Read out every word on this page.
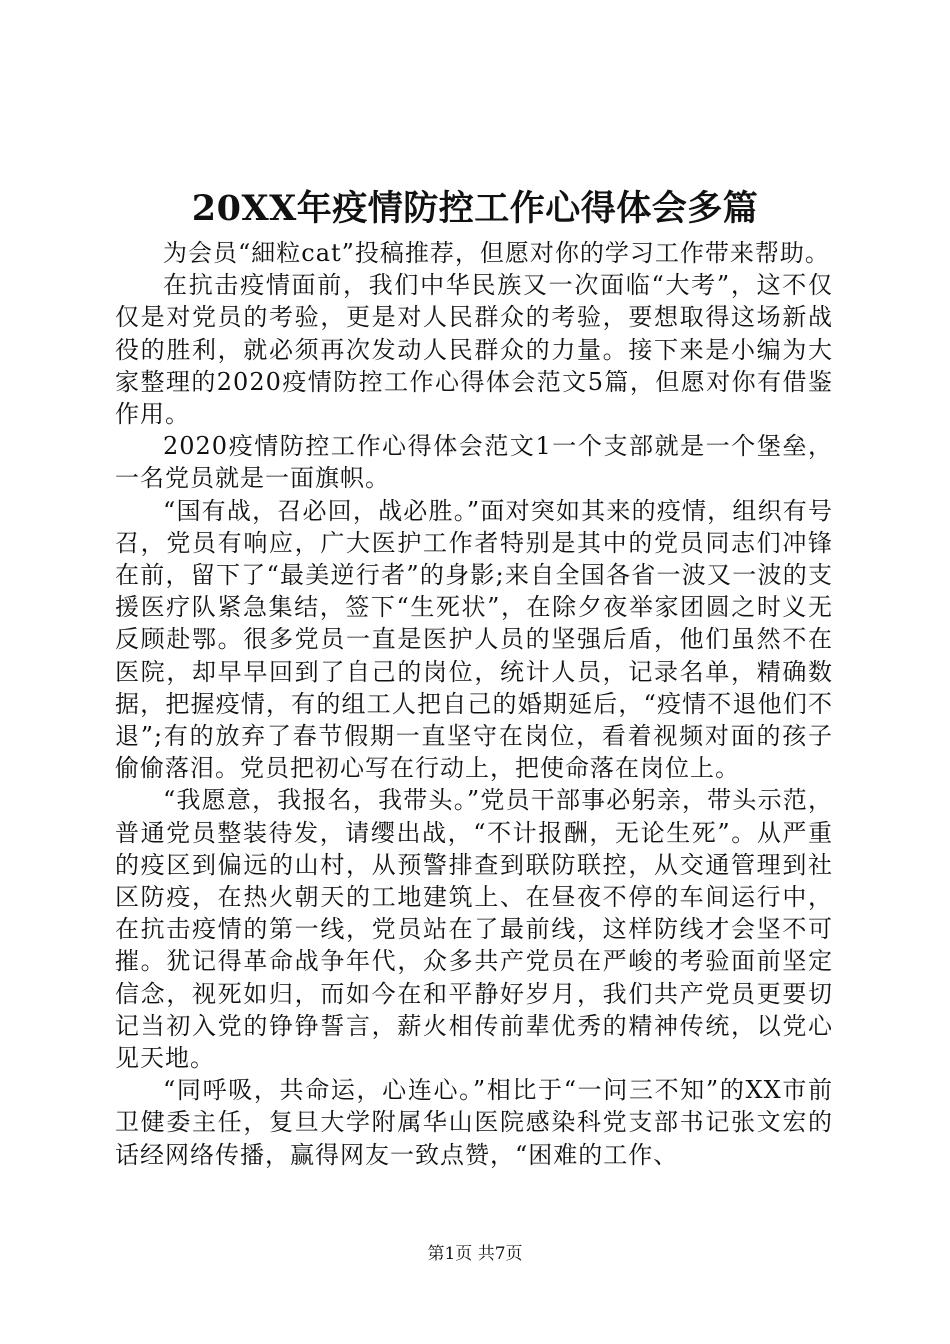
20XX年疫情防控工作心得体会多篇

为会员“細粒cat”投稿推荐，但愿对你的学习工作带来帮助。

在抗击疫情面前，我们中华民族又一次面临“大考”，这不仅仅是对党员的考验，更是对人民群众的考验，要想取得这场新战役的胜利，就必须再次发动人民群众的力量。接下来是小编为大家整理的2020疫情防控工作心得体会范文5篇，但愿对你有借鉴作用。

2020疫情防控工作心得体会范文1一个支部就是一个堡垒，一名党员就是一面旗帜。

“国有战，召必回，战必胜。”面对突如其来的疫情，组织有号召，党员有响应，广大医护工作者特别是其中的党员同志们冲锋在前，留下了“最美逆行者”的身影;来自全国各省一波又一波的支援医疗队紧急集结，签下“生死状”，在除夕夜举家团圆之时义无反顾赴鄂。很多党员一直是医护人员的坚强后盾，他们虽然不在医院，却早早回到了自己的岗位，统计人员，记录名单，精确数据，把握疫情，有的组工人把自己的婚期延后，“疫情不退他们不退”;有的放弃了春节假期一直坚守在岗位，看着视频对面的孩子偷偷落泪。党员把初心写在行动上，把使命落在岗位上。

“我愿意，我报名，我带头。”党员干部事必躬亲，带头示范，普通党员整装待发，请缨出战，“不计报酬，无论生死”。从严重的疫区到偏远的山村，从预警排查到联防联控，从交通管理到社区防疫，在热火朝天的工地建筑上、在昼夜不停的车间运行中，在抗击疫情的第一线，党员站在了最前线，这样防线才会坚不可摧。犹记得革命战争年代，众多共产党员在严峻的考验面前坚定信念，视死如归，而如今在和平静好岁月，我们共产党员更要切记当初入党的铮铮誓言，薪火相传前辈优秀的精神传统，以党心见天地。

“同呼吸，共命运，心连心。”相比于“一问三不知”的XX市前卫健委主任，复旦大学附属华山医院感染科党支部书记张文宏的话经网络传播，赢得网友一致点赞，“困难的工作、

第1页 共7页
